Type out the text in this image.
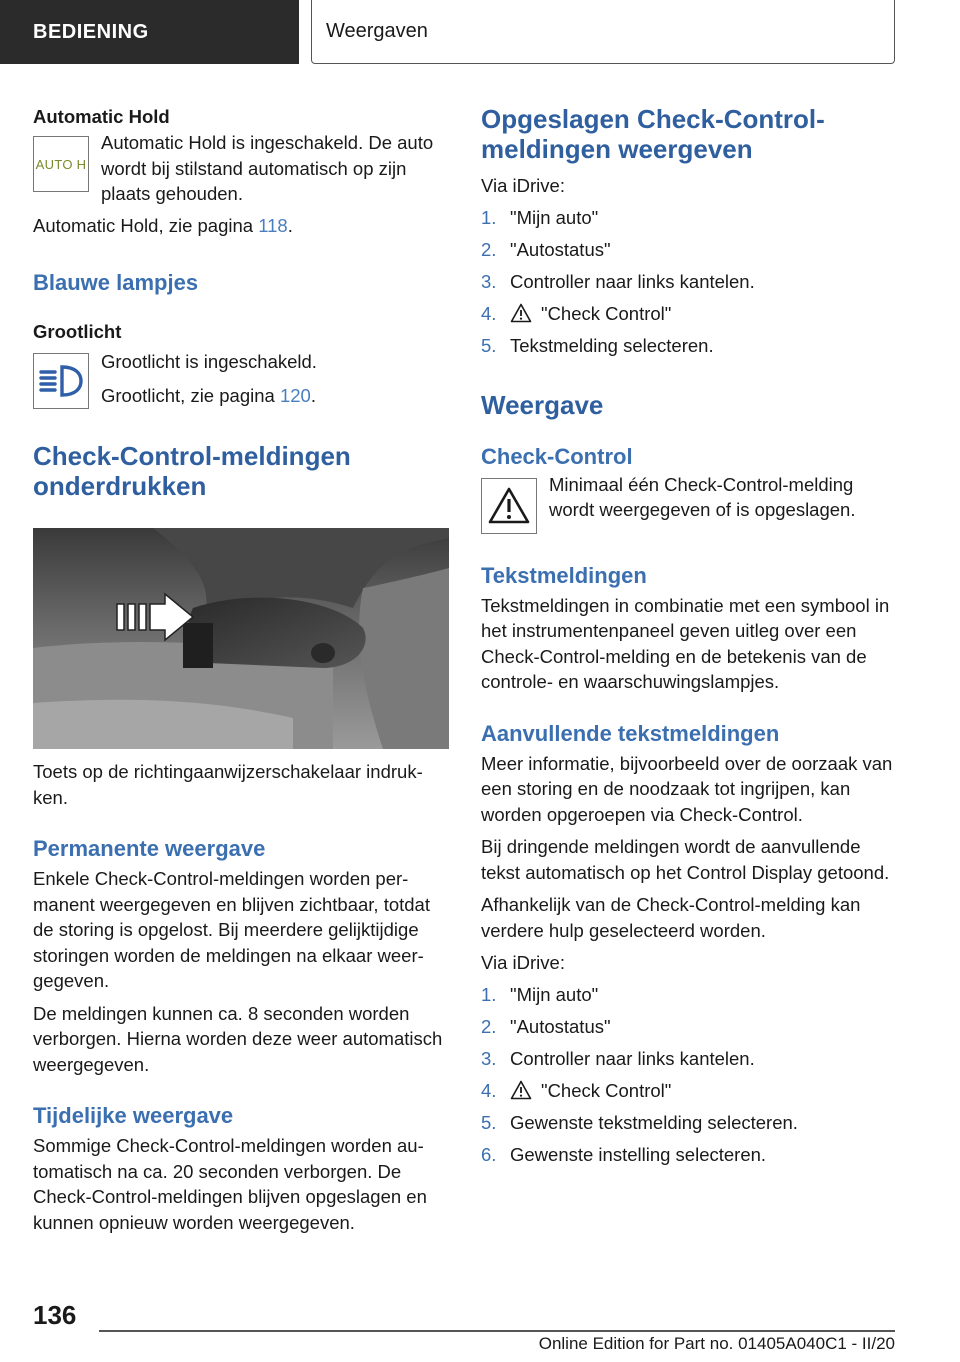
BEDIENING	Weergaven
Automatic Hold
AUTO H
Automatic Hold is ingeschakeld. De auto wordt bij stilstand automatisch op zijn plaats gehouden.
Automatic Hold, zie pagina 118.
Blauwe lampjes
Grootlicht
Grootlicht is ingeschakeld.
Grootlicht, zie pagina 120.
Check-Control-meldingen onderdrukken
Toets op de richtingaanwijzerschakelaar indrukken.
Permanente weergave
Enkele Check-Control-meldingen worden permanent weergegeven en blijven zichtbaar, totdat de storing is opgelost. Bij meerdere gelijktijdige storingen worden de meldingen na elkaar weergegeven.
De meldingen kunnen ca. 8 seconden worden verborgen. Hierna worden deze weer automatisch weergegeven.
Tijdelijke weergave
Sommige Check-Control-meldingen worden automatisch na ca. 20 seconden verborgen. De Check-Control-meldingen blijven opgeslagen en kunnen opnieuw worden weergegeven.
Opgeslagen Check-Control-meldingen weergeven
Via iDrive:
1. "Mijn auto"
2. "Autostatus"
3. Controller naar links kantelen.
4.	"Check Control"
5. Tekstmelding selecteren.
Weergave
Check-Control
Minimaal één Check-Control-melding wordt weergegeven of is opgeslagen.
Tekstmeldingen
Tekstmeldingen in combinatie met een symbool in het instrumentenpaneel geven uitleg over een Check-Control-melding en de betekenis van de controle- en waarschuwingslampjes.
Aanvullende tekstmeldingen
Meer informatie, bijvoorbeeld over de oorzaak van een storing en de noodzaak tot ingrijpen, kan worden opgeroepen via Check-Control.
Bij dringende meldingen wordt de aanvullende tekst automatisch op het Control Display getoond.
Afhankelijk van de Check-Control-melding kan verdere hulp geselecteerd worden.
Via iDrive:
1. "Mijn auto"
2. "Autostatus"
3. Controller naar links kantelen.
4.	"Check Control"
5. Gewenste tekstmelding selecteren.
6. Gewenste instelling selecteren.
136
Online Edition for Part no. 01405A040C1 - II/20
